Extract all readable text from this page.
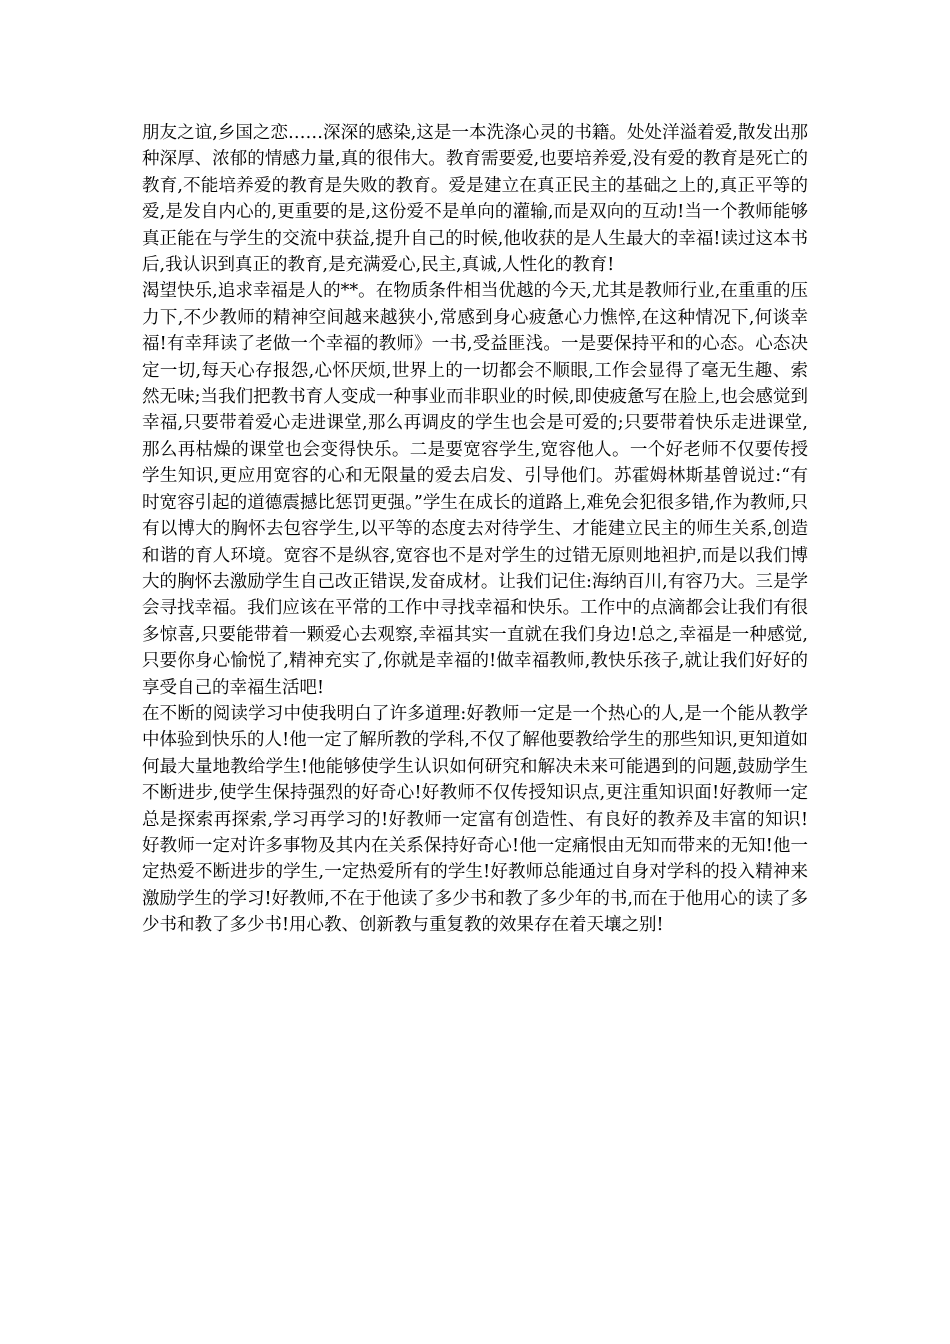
朋友之谊,乡国之恋……深深的感染,这是一本洗涤心灵的书籍。处处洋溢着爱,散发出那种深厚、浓郁的情感力量,真的很伟大。教育需要爱,也要培养爱,没有爱的教育是死亡的教育,不能培养爱的教育是失败的教育。爱是建立在真正民主的基础之上的,真正平等的爱,是发自内心的,更重要的是,这份爱不是单向的灌输,而是双向的互动!当一个教师能够真正能在与学生的交流中获益,提升自己的时候,他收获的是人生最大的幸福!读过这本书后,我认识到真正的教育,是充满爱心,民主,真诚,人性化的教育!

渴望快乐,追求幸福是人的**。在物质条件相当优越的今天,尤其是教师行业,在重重的压力下,不少教师的精神空间越来越狭小,常感到身心疲惫心力憔悴,在这种情况下,何谈幸福!有幸拜读了老做一个幸福的教师》一书,受益匪浅。一是要保持平和的心态。心态决定一切,每天心存报怨,心怀厌烦,世界上的一切都会不顺眼,工作会显得了毫无生趣、索然无味;当我们把教书育人变成一种事业而非职业的时候,即使疲惫写在脸上,也会感觉到幸福,只要带着爱心走进课堂,那么再调皮的学生也会是可爱的;只要带着快乐走进课堂,那么再枯燥的课堂也会变得快乐。二是要宽容学生,宽容他人。一个好老师不仅要传授学生知识,更应用宽容的心和无限量的爱去启发、引导他们。苏霍姆林斯基曾说过:“有时宽容引起的道德震撼比惩罚更强。”学生在成长的道路上,难免会犯很多错,作为教师,只有以博大的胸怀去包容学生,以平等的态度去对待学生、才能建立民主的师生关系,创造和谐的育人环境。宽容不是纵容,宽容也不是对学生的过错无原则地袒护,而是以我们博大的胸怀去激励学生自己改正错误,发奋成材。让我们记住:海纳百川,有容乃大。三是学会寻找幸福。我们应该在平常的工作中寻找幸福和快乐。工作中的点滴都会让我们有很多惊喜,只要能带着一颗爱心去观察,幸福其实一直就在我们身边!总之,幸福是一种感觉,只要你身心愉悦了,精神充实了,你就是幸福的!做幸福教师,教快乐孩子,就让我们好好的享受自己的幸福生活吧!

在不断的阅读学习中使我明白了许多道理:好教师一定是一个热心的人,是一个能从教学中体验到快乐的人!他一定了解所教的学科,不仅了解他要教给学生的那些知识,更知道如何最大量地教给学生!他能够使学生认识如何研究和解决未来可能遇到的问题,鼓励学生不断进步,使学生保持强烈的好奇心!好教师不仅传授知识点,更注重知识面!好教师一定总是探索再探索,学习再学习的!好教师一定富有创造性、有良好的教养及丰富的知识!好教师一定对许多事物及其内在关系保持好奇心!他一定痛恨由无知而带来的无知!他一定热爱不断进步的学生,一定热爱所有的学生!好教师总能通过自身对学科的投入精神来激励学生的学习!好教师,不在于他读了多少书和教了多少年的书,而在于他用心的读了多少书和教了多少书!用心教、创新教与重复教的效果存在着天壤之别!
